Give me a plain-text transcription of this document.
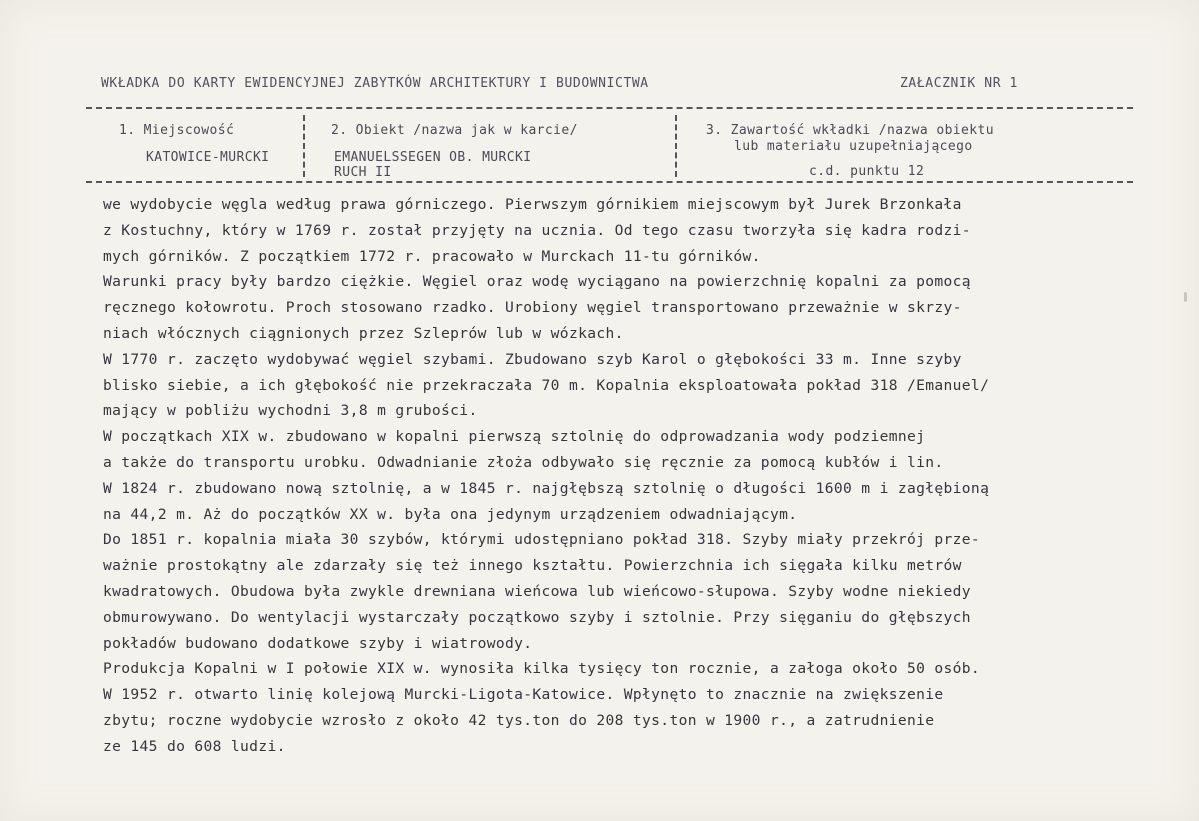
WKŁADKA DO KARTY EWIDENCYJNEJ ZABYTKÓW ARCHITEKTURY I BUDOWNICTWA	ZAŁACZNIK NR 1
1. Miejscowość
KATOWICE-MURCKI
2. Obiekt /nazwa jak w karcie/
EMANUELSSEGEN OB. MURCKI
RUCH II
3. Zawartość wkładki /nazwa obiektu
lub materiału uzupełniającego
c.d. punktu 12
we wydobycie węgla według prawa górniczego. Pierwszym górnikiem miejscowym był Jurek Brzonkała
z Kostuchny, który w 1769 r. został przyjęty na ucznia. Od tego czasu tworzyła się kadra rodzi-
mych górników. Z początkiem 1772 r. pracowało w Murckach 11-tu górników.
Warunki pracy były bardzo ciężkie. Węgiel oraz wodę wyciągano na powierzchnię kopalni za pomocą
ręcznego kołowrotu. Proch stosowano rzadko. Urobiony węgiel transportowano przeważnie w skrzy-
niach włócznych ciągnionych przez Szleprów lub w wózkach.
W 1770 r. zaczęto wydobywać węgiel szybami. Zbudowano szyb Karol o głębokości 33 m. Inne szyby
blisko siebie, a ich głębokość nie przekraczała 70 m. Kopalnia eksploatowała pokład 318 /Emanuel/
mający w pobliżu wychodni 3,8 m grubości.
W początkach XIX w. zbudowano w kopalni pierwszą sztolnię do odprowadzania wody podziemnej
a także do transportu urobku. Odwadnianie złoża odbywało się ręcznie za pomocą kubłów i lin.
W 1824 r. zbudowano nową sztolnię, a w 1845 r. najgłębszą sztolnię o długości 1600 m i zagłębioną
na 44,2 m. Aż do początków XX w. była ona jedynym urządzeniem odwadniającym.
Do 1851 r. kopalnia miała 30 szybów, którymi udostępniano pokład 318. Szyby miały przekrój prze-
ważnie prostokątny ale zdarzały się też innego kształtu. Powierzchnia ich sięgała kilku metrów
kwadratowych. Obudowa była zwykle drewniana wieńcowa lub wieńcowo-słupowa. Szyby wodne niekiedy
obmurowywano. Do wentylacji wystarczały początkowo szyby i sztolnie. Przy sięganiu do głębszych
pokładów budowano dodatkowe szyby i wiatrowody.
Produkcja Kopalni w I połowie XIX w. wynosiła kilka tysięcy ton rocznie, a załoga około 50 osób.
W 1952 r. otwarto linię kolejową Murcki-Ligota-Katowice. Wpłynęto to znacznie na zwiększenie
zbytu; roczne wydobycie wzrosło z około 42 tys.ton do 208 tys.ton w 1900 r., a zatrudnienie
ze 145 do 608 ludzi.
